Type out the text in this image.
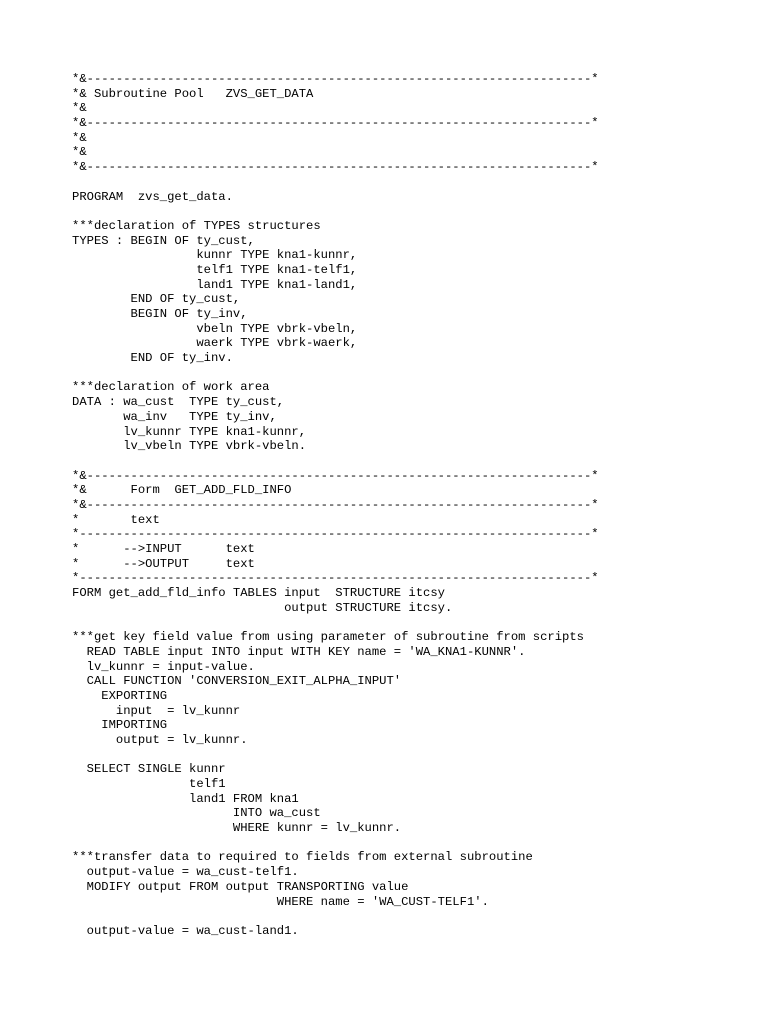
*&---------------------------------------------------------------------*
*& Subroutine Pool   ZVS_GET_DATA
*&
*&---------------------------------------------------------------------*
*&
*&
*&---------------------------------------------------------------------*
PROGRAM  zvs_get_data.
***declaration of TYPES structures
TYPES : BEGIN OF ty_cust,
kunnr TYPE kna1-kunnr,
telf1 TYPE kna1-telf1,
land1 TYPE kna1-land1,
END OF ty_cust,
BEGIN OF ty_inv,
vbeln TYPE vbrk-vbeln,
waerk TYPE vbrk-waerk,
END OF ty_inv.
***declaration of work area
DATA : wa_cust  TYPE ty_cust,
wa_inv   TYPE ty_inv,
lv_kunnr TYPE kna1-kunnr,
lv_vbeln TYPE vbrk-vbeln.
*&---------------------------------------------------------------------*
*&      Form  GET_ADD_FLD_INFO
*&---------------------------------------------------------------------*
*       text
*----------------------------------------------------------------------*
*      -->INPUT      text
*      -->OUTPUT     text
*----------------------------------------------------------------------*
FORM get_add_fld_info TABLES input  STRUCTURE itcsy
output STRUCTURE itcsy.
***get key field value from using parameter of subroutine from scripts
READ TABLE input INTO input WITH KEY name = 'WA_KNA1-KUNNR'.
lv_kunnr = input-value.
CALL FUNCTION 'CONVERSION_EXIT_ALPHA_INPUT'
EXPORTING
input  = lv_kunnr
IMPORTING
output = lv_kunnr.
SELECT SINGLE kunnr
telf1
land1 FROM kna1
INTO wa_cust
WHERE kunnr = lv_kunnr.
***transfer data to required to fields from external subroutine
output-value = wa_cust-telf1.
MODIFY output FROM output TRANSPORTING value
WHERE name = 'WA_CUST-TELF1'.
output-value = wa_cust-land1.
